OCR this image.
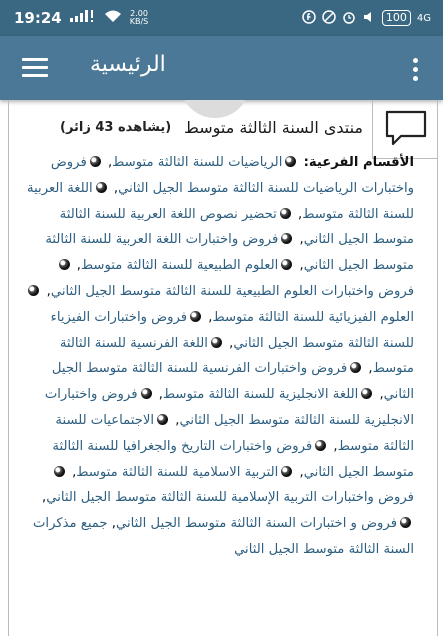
19:24	2.00
KB/S	100	4G
الرئيسية
منتدى السنة الثالثة متوسط
(يشاهده 43 زائر)
الأقسام الفرعية: الرياضيات للسنة الثالثة متوسط, فروض واختبارات الرياضيات للسنة الثالثة متوسط الجيل الثاني, اللغة العربية للسنة الثالثة متوسط, تحضير نصوص اللغة العربية للسنة الثالثة متوسط الجيل الثاني, فروض واختبارات اللغة العربية للسنة الثالثة متوسط الجيل الثاني, العلوم الطبيعية للسنة الثالثة متوسط, فروض واختبارات العلوم الطبيعية للسنة الثالثة متوسط الجيل الثاني, العلوم الفيزيائية للسنة الثالثة متوسط, فروض واختبارات الفيزياء للسنة الثالثة متوسط الجيل الثاني, اللغة الفرنسية للسنة الثالثة متوسط, فروض واختبارات الفرنسية للسنة الثالثة متوسط الجيل الثاني, اللغة الانجليزية للسنة الثالثة متوسط, فروض واختبارات الانجليزية للسنة الثالثة متوسط الجيل الثاني, الاجتماعيات للسنة الثالثة متوسط, فروض واختبارات التاريخ والجغرافيا للسنة الثالثة متوسط الجيل الثاني, التربية الاسلامية للسنة الثالثة متوسط, فروض واختبارات التربية الإسلامية للسنة الثالثة متوسط الجيل الثاني, فروض و اختبارات السنة الثالثة متوسط الجيل الثاني, جميع مذكرات السنة الثالثة متوسط الجيل الثاني
